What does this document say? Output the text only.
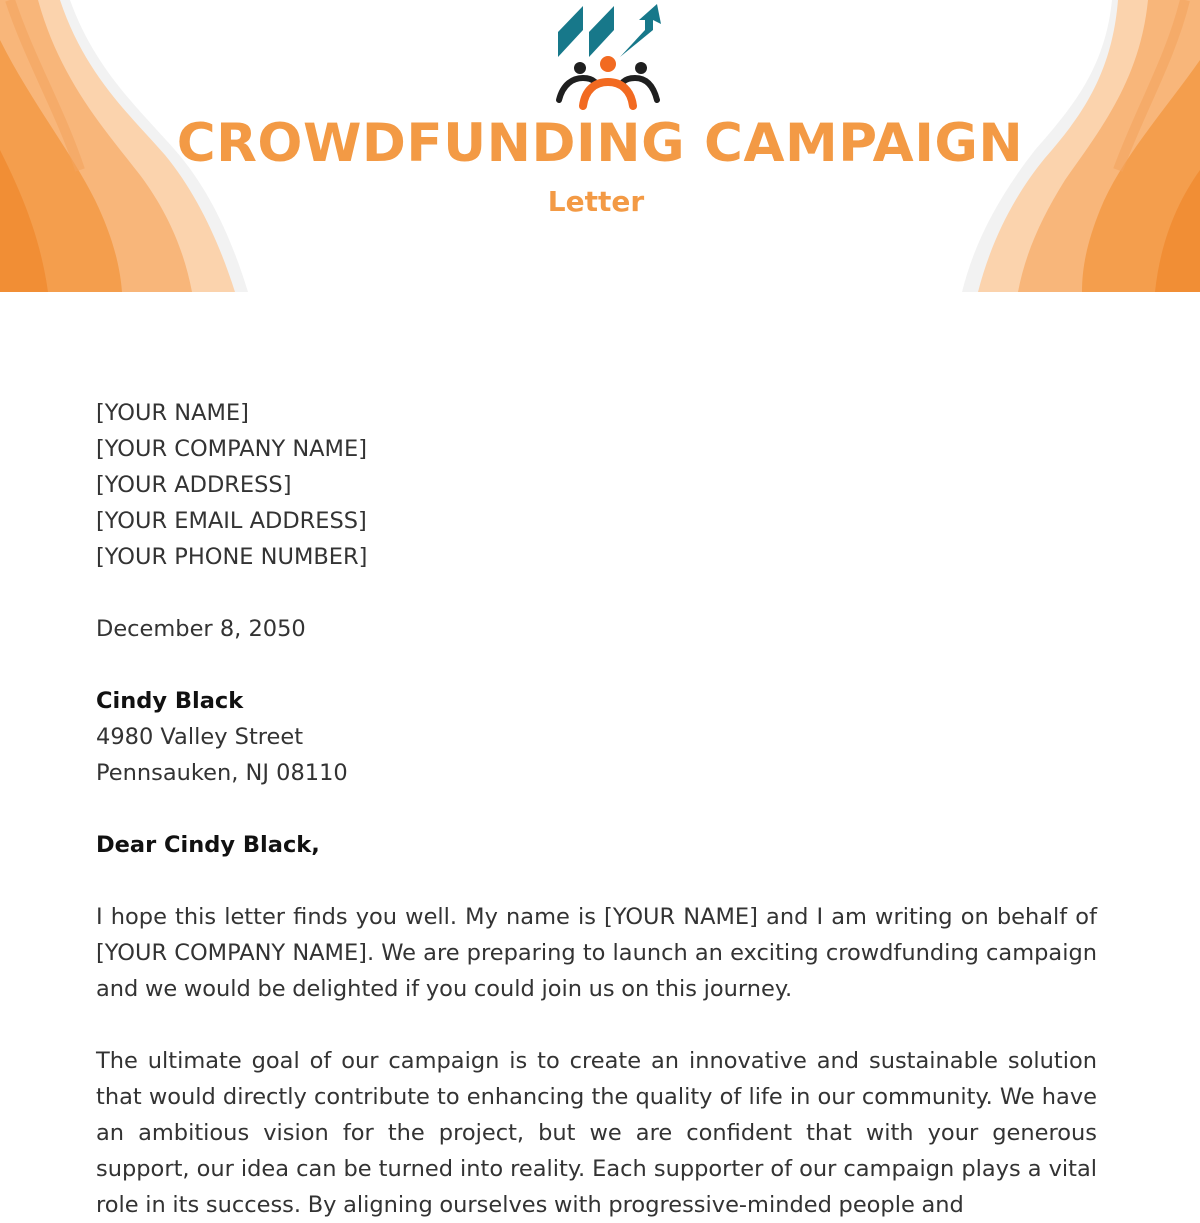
CROWDFUNDING CAMPAIGN
Letter
[YOUR NAME]
[YOUR COMPANY NAME]
[YOUR ADDRESS]
[YOUR EMAIL ADDRESS]
[YOUR PHONE NUMBER]
December 8, 2050
Cindy Black
4980 Valley Street
Pennsauken, NJ 08110
Dear Cindy Black,

I hope this letter finds you well. My name is [YOUR NAME] and I am writing on behalf of [YOUR COMPANY NAME]. We are preparing to launch an exciting crowdfunding campaign and we would be delighted if you could join us on this journey.

The ultimate goal of our campaign is to create an innovative and sustainable solution that would directly contribute to enhancing the quality of life in our community. We have an ambitious vision for the project, but we are confident that with your generous support, our idea can be turned into reality. Each supporter of our campaign plays a vital role in its success. By aligning ourselves with progressive-minded people and
